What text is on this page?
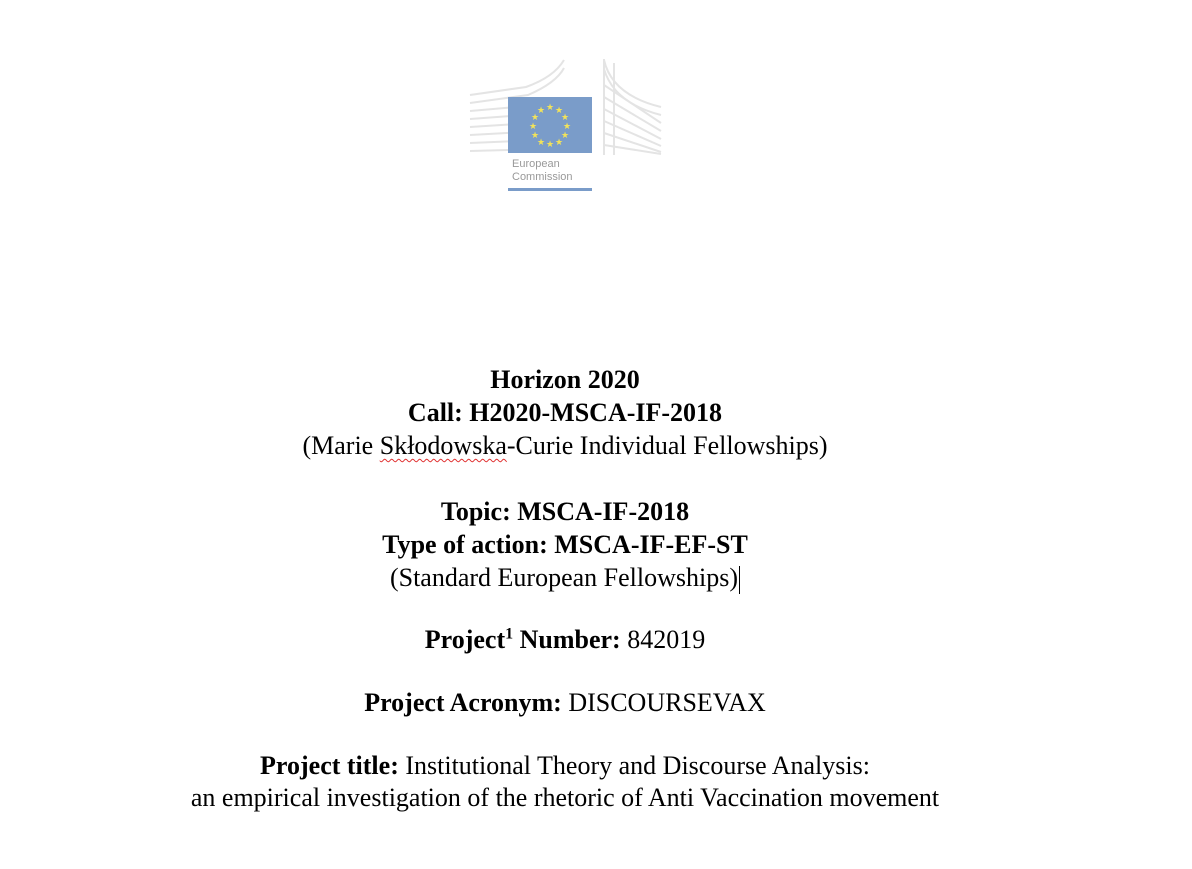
★ ★
★
★
★
★
★
★
★
★
★
★
European
Commission
Horizon 2020
Call: H2020-MSCA-IF-2018
(Marie Skłodowska-Curie Individual Fellowships)
Topic: MSCA-IF-2018
Type of action: MSCA-IF-EF-ST
(Standard European Fellowships)
Project$^1$ Number: 842019
Project Acronym: DISCOURSEVAX
Project title: Institutional Theory and Discourse Analysis:
an empirical investigation of the rhetoric of Anti Vaccination movement
